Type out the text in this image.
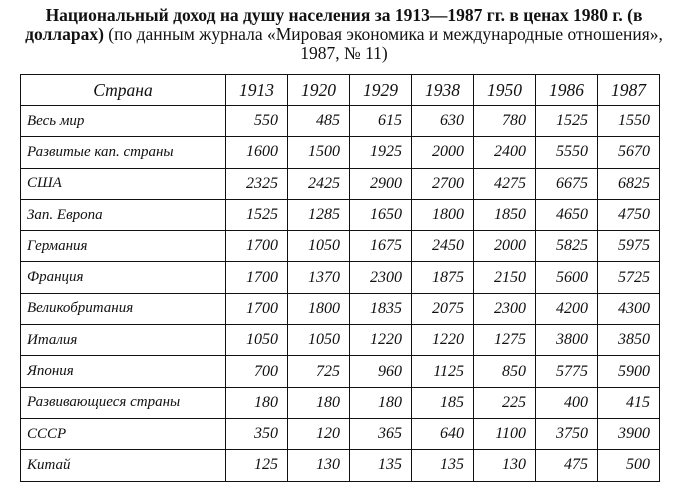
Национальный доход на душу населения за 1913—1987 гг. в ценах 1980 г. (в долларах) (по данным журнала «Мировая экономика и международные отношения», 1987, № 11)
Страна	1913	1920	1929	1938	1950	1986	1987
Весь мир	550	485	615	630	780	1525	1550
Развитые кап. страны	1600	1500	1925	2000	2400	5550	5670
США	2325	2425	2900	2700	4275	6675	6825
Зап. Европа	1525	1285	1650	1800	1850	4650	4750
Германия	1700	1050	1675	2450	2000	5825	5975
Франция	1700	1370	2300	1875	2150	5600	5725
Великобритания	1700	1800	1835	2075	2300	4200	4300
Италия	1050	1050	1220	1220	1275	3800	3850
Япония	700	725	960	1125	850	5775	5900
Развивающиеся страны	180	180	180	185	225	400	415
СССР	350	120	365	640	1100	3750	3900
Китай	125	130	135	135	130	475	500
